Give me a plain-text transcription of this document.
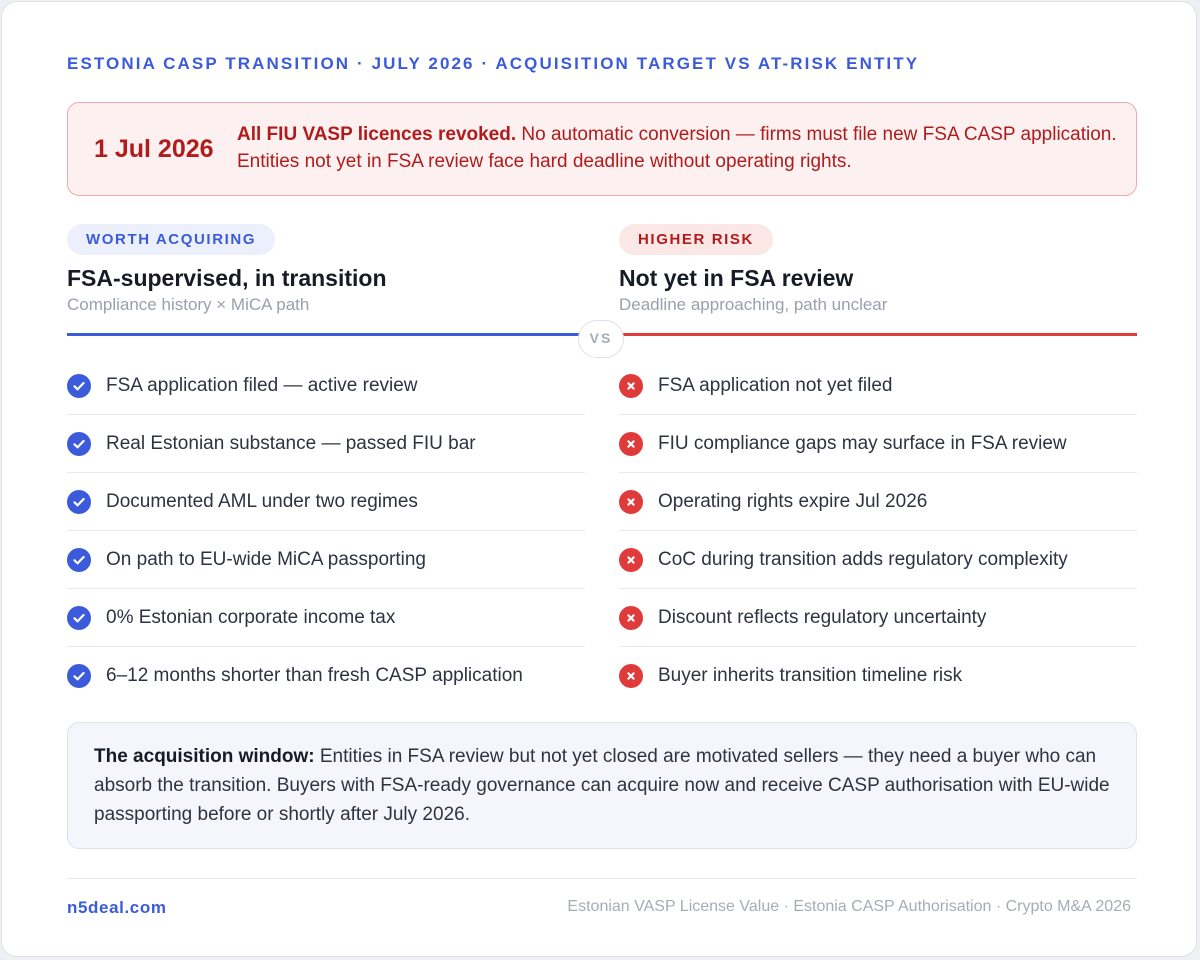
ESTONIA CASP TRANSITION · JULY 2026 · ACQUISITION TARGET VS AT-RISK ENTITY
1 Jul 2026
All FIU VASP licences revoked. No automatic conversion — firms must file new FSA CASP application. Entities not yet in FSA review face hard deadline without operating rights.
WORTH ACQUIRING
FSA-supervised, in transition
Compliance history × MiCA path
HIGHER RISK
Not yet in FSA review
Deadline approaching, path unclear
VS
FSA application filed — active review
Real Estonian substance — passed FIU bar
Documented AML under two regimes
On path to EU-wide MiCA passporting
0% Estonian corporate income tax
6–12 months shorter than fresh CASP application
FSA application not yet filed
FIU compliance gaps may surface in FSA review
Operating rights expire Jul 2026
CoC during transition adds regulatory complexity
Discount reflects regulatory uncertainty
Buyer inherits transition timeline risk
The acquisition window: Entities in FSA review but not yet closed are motivated sellers — they need a buyer who can absorb the transition. Buyers with FSA-ready governance can acquire now and receive CASP authorisation with EU-wide passporting before or shortly after July 2026.
n5deal.com	Estonian VASP License Value · Estonia CASP Authorisation · Crypto M&A 2026
